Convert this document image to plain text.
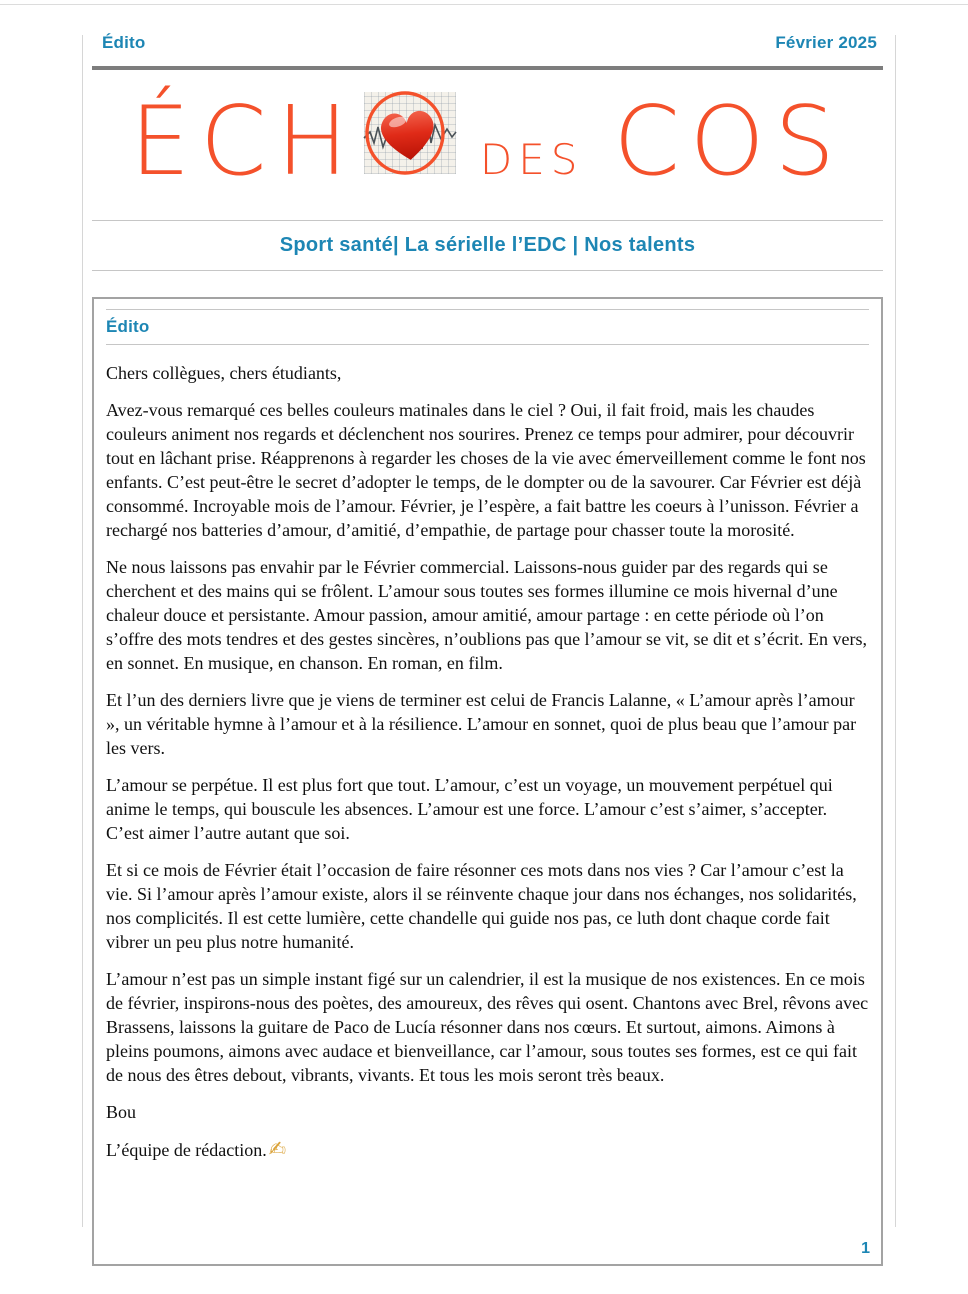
Édito	Février 2025
ÉCH	DES COS
Sport santé| La sérielle l’EDC | Nos talents
Édito

Chers collègues, chers étudiants,

Avez-vous remarqué ces belles couleurs matinales dans le ciel ? Oui, il fait froid, mais les chaudes couleurs animent nos regards et déclenchent nos sourires. Prenez ce temps pour admirer, pour découvrir tout en lâchant prise. Réapprenons à regarder les choses de la vie avec émerveillement comme le font nos enfants. C’est peut-être le secret d’adopter le temps, de le dompter ou de la savourer. Car Février est déjà consommé. Incroyable mois de l’amour. Février, je l’espère, a fait battre les coeurs à l’unisson. Février a rechargé nos batteries d’amour, d’amitié, d’empathie, de partage pour chasser toute la morosité.

Ne nous laissons pas envahir par le Février commercial. Laissons-nous guider par des regards qui se cherchent et des mains qui se frôlent. L’amour sous toutes ses formes illumine ce mois hivernal d’une chaleur douce et persistante. Amour passion, amour amitié, amour partage : en cette période où l’on s’offre des mots tendres et des gestes sincères, n’oublions pas que l’amour se vit, se dit et s’écrit. En vers, en sonnet. En musique, en chanson. En roman, en film.

Et l’un des derniers livre que je viens de terminer est celui de Francis Lalanne, « L’amour après l’amour », un véritable hymne à l’amour et à la résilience. L’amour en sonnet, quoi de plus beau que l’amour par les vers.

L’amour se perpétue. Il est plus fort que tout. L’amour, c’est un voyage, un mouvement perpétuel qui anime le temps, qui bouscule les absences. L’amour est une force. L’amour c’est s’aimer, s’accepter. C’est aimer l’autre autant que soi.

Et si ce mois de Février était l’occasion de faire résonner ces mots dans nos vies ? Car l’amour c’est la vie. Si l’amour après l’amour existe, alors il se réinvente chaque jour dans nos échanges, nos solidarités, nos complicités. Il est cette lumière, cette chandelle qui guide nos pas, ce luth dont chaque corde fait vibrer un peu plus notre humanité.

L’amour n’est pas un simple instant figé sur un calendrier, il est la musique de nos existences. En ce mois de février, inspirons-nous des poètes, des amoureux, des rêves qui osent. Chantons avec Brel, rêvons avec Brassens, laissons la guitare de Paco de Lucía résonner dans nos cœurs. Et surtout, aimons. Aimons à pleins poumons, aimons avec audace et bienveillance, car l’amour, sous toutes ses formes, est ce qui fait de nous des êtres debout, vibrants, vivants. Et tous les mois seront très beaux.

Bou

L’équipe de rédaction.✍

1
